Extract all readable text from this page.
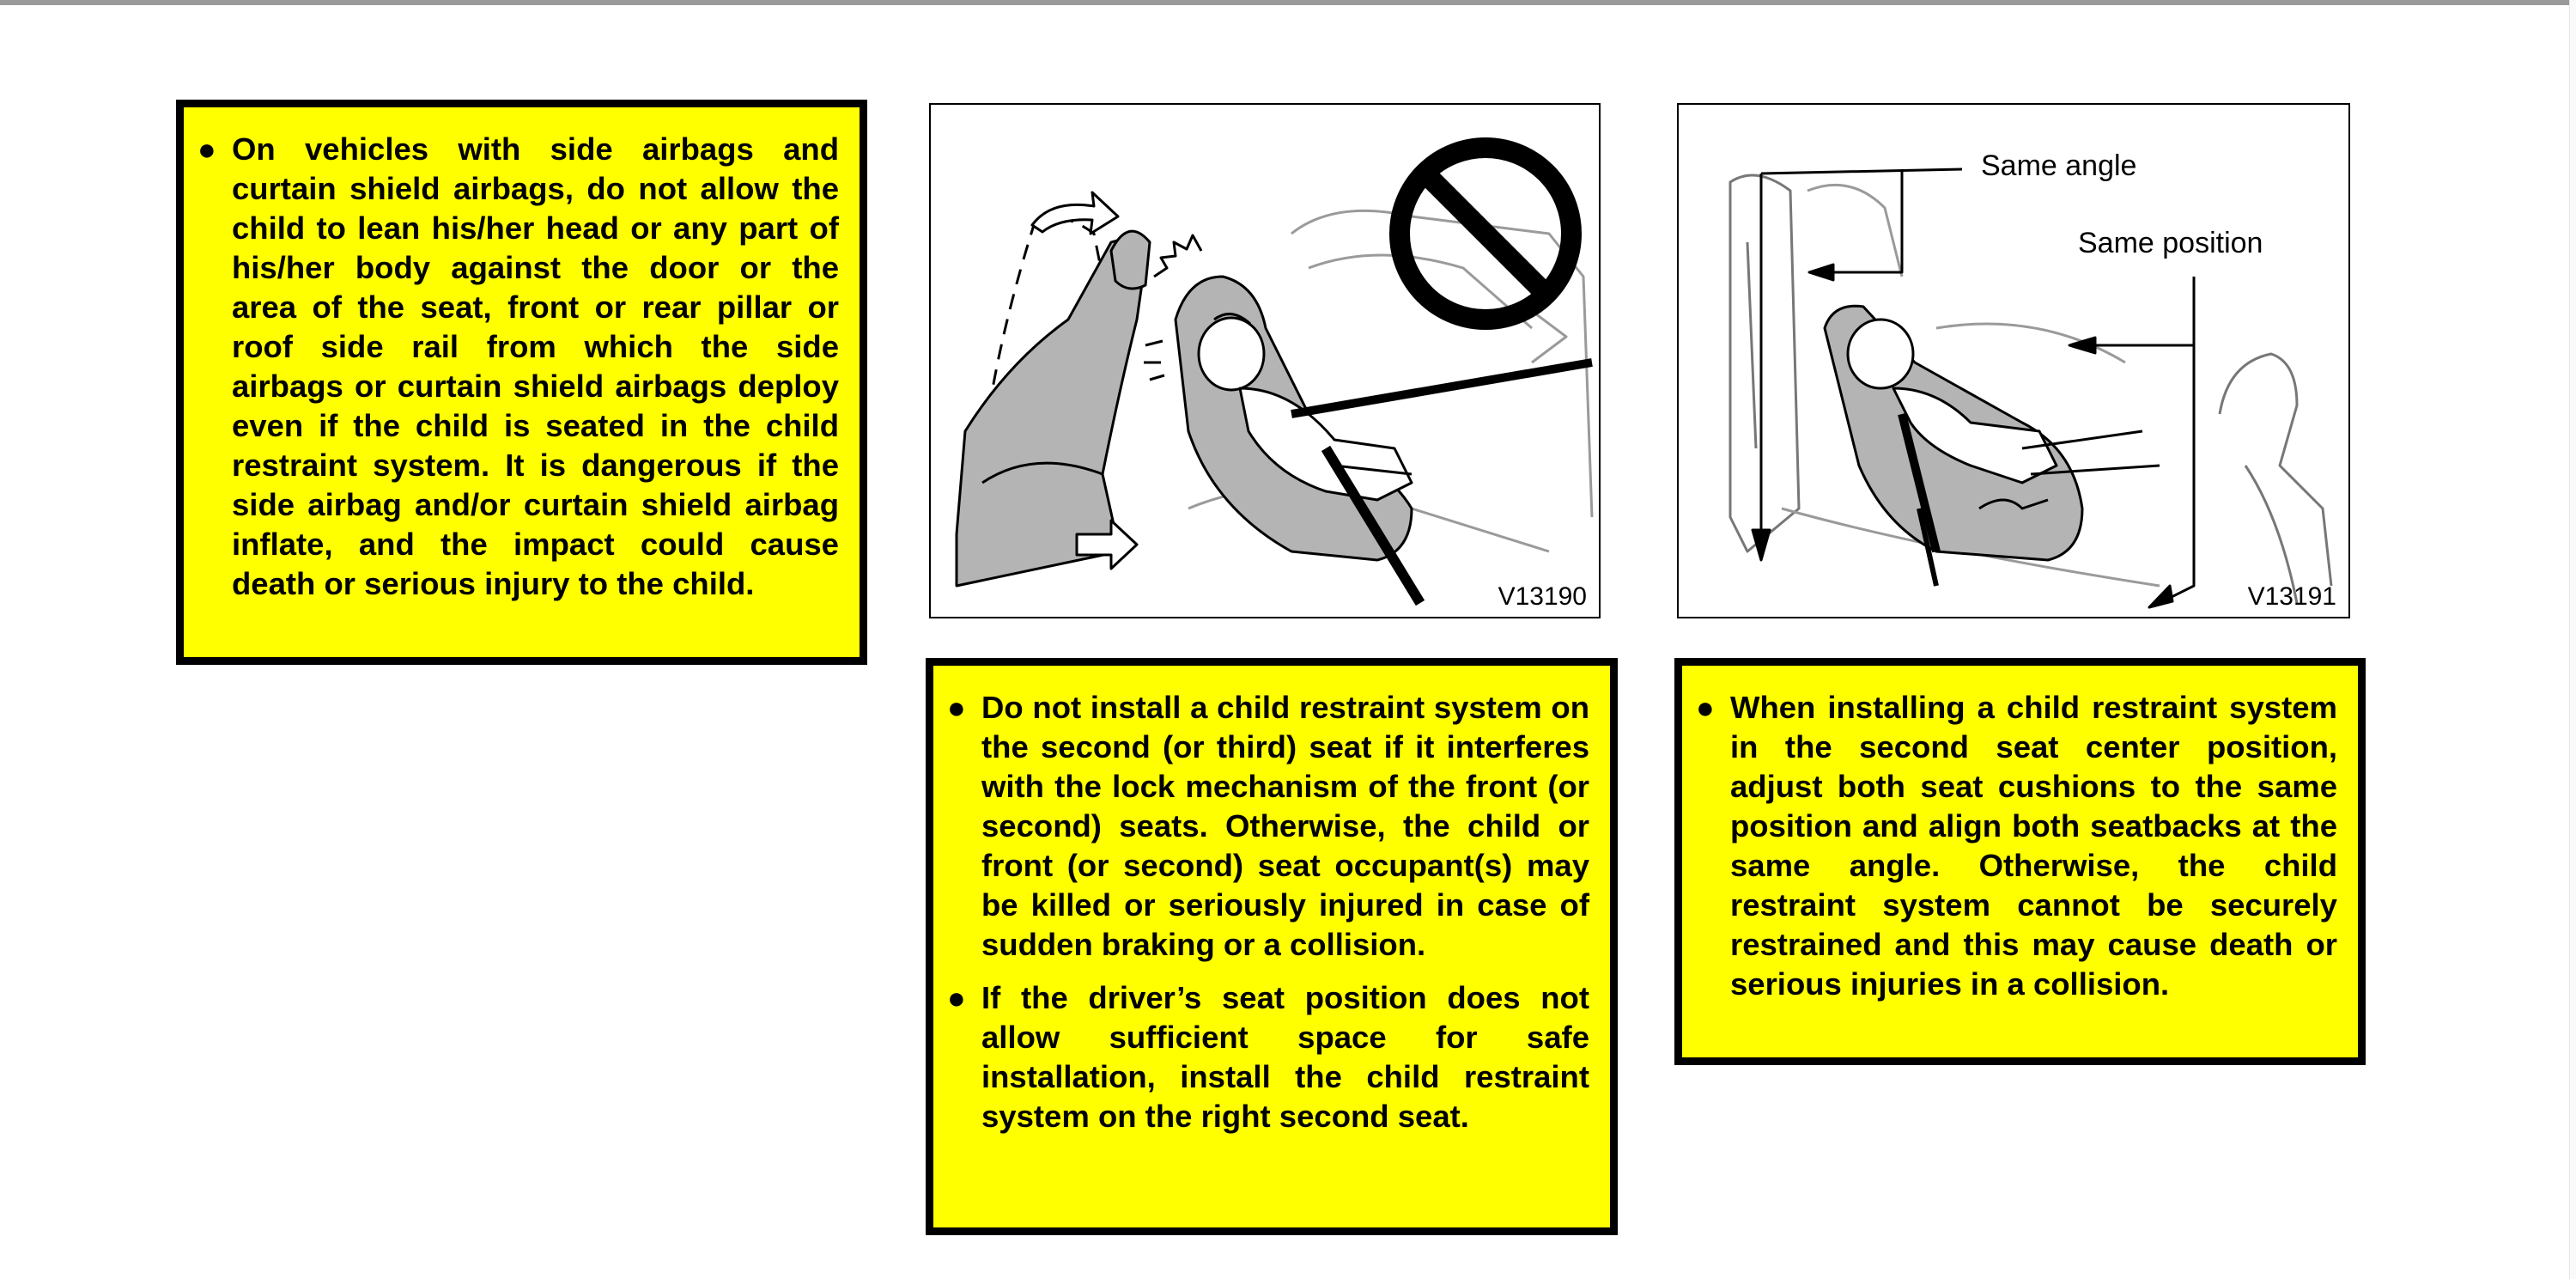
● On vehicles with side airbags and curtain shield airbags, do not allow the child to lean his/her head or any part of his/her body against the door or the area of the seat, front or rear pillar or roof side rail from which the side airbags or curtain shield airbags deploy even if the child is seated in the child restraint system. It is dangerous if the side airbag and/or curtain shield airbag inflate, and the impact could cause death or serious injury to the child.	V13190
Same angle
Same position
V13191

● Do not install a child restraint system on the second (or third) seat if it interferes with the lock mechanism of the front (or second) seats. Otherwise, the child or front (or second) seat occupant(s) may be killed or seriously injured in case of sudden braking or a collision.

● If the driver’s seat position does not allow sufficient space for safe installation, install the child restraint system on the right second seat.

● When installing a child restraint system in the second seat center position, adjust both seat cushions to the same position and align both seatbacks at the same angle. Otherwise, the child restraint system cannot be securely restrained and this may cause death or serious injuries in a collision.
